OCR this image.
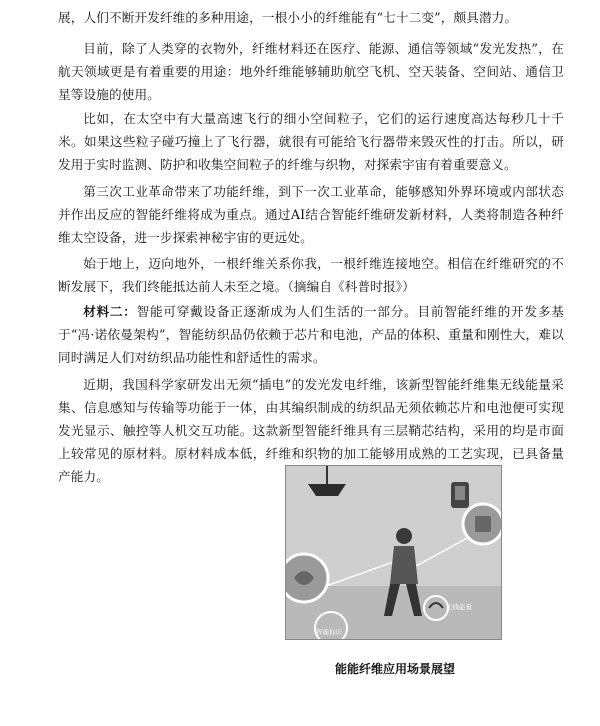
展，人们不断开发纤维的多种用途，一根小小的纤维能有“七十二变”，颇具潜力。

目前，除了人类穿的衣物外，纤维材料还在医疗、能源、通信等领域“发光发热”，在航天领域更是有着重要的用途：地外纤维能够辅助航空飞机、空天装备、空间站、通信卫星等设施的使用。

比如，在太空中有大量高速飞行的细小空间粒子，它们的运行速度高达每秒几十千米。如果这些粒子碰巧撞上了飞行器，就很有可能给飞行器带来毁灭性的打击。所以，研发用于实时监测、防护和收集空间粒子的纤维与织物，对探索宇宙有着重要意义。

第三次工业革命带来了功能纤维，到下一次工业革命，能够感知外界环境或内部状态并作出反应的智能纤维将成为重点。通过AI结合智能纤维研发新材料，人类将制造各种纤维太空设备，进一步探索神秘宇宙的更远处。

始于地上，迈向地外，一根纤维关系你我，一根纤维连接地空。相信在纤维研究的不断发展下，我们终能抵达前人未至之境。（摘编自《科普时报》）

材料二：智能可穿戴设备正逐渐成为人们生活的一部分。目前智能纤维的开发多基于“冯·诺依曼架构”，智能纺织品仍依赖于芯片和电池，产品的体积、重量和刚性大，难以同时满足人们对纺织品功能性和舒适性的需求。

近期，我国科学家研发出无须“插电”的发光发电纤维，该新型智能纤维集无线能量采集、信息感知与传输等功能于一体，由其编织制成的纺织品无须依赖芯片和电池便可实现发光显示、触控等人机交互功能。这款新型智能纤维具有三层鞘芯结构，采用的均是市面上较常见的原材料。原材料成本低，纤维和织物的加工能够用成熟的工艺实现，已具备量产能力。

无线能量
智能标识
能能纤维应用场景展望
